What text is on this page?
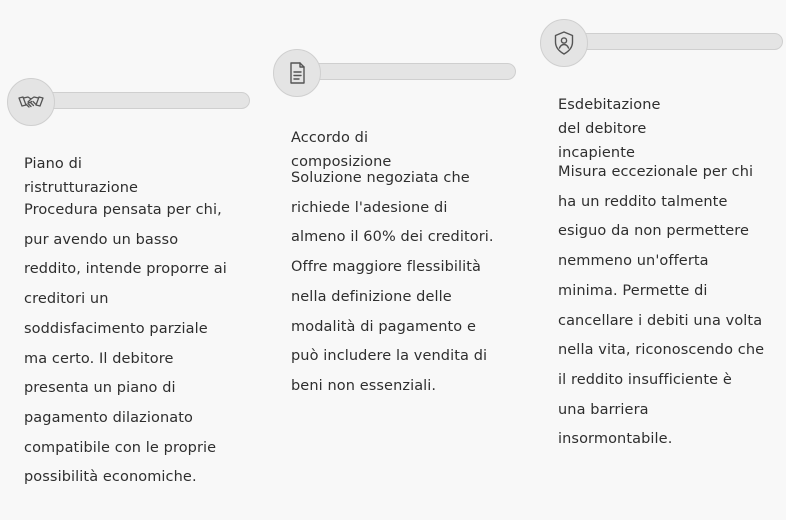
Piano di ristrutturazione

Procedura pensata per chi,
pur avendo un basso
reddito, intende proporre ai
creditori un
soddisfacimento parziale
ma certo. Il debitore
presenta un piano di
pagamento dilazionato
compatibile con le proprie
possibilità economiche.

Accordo di composizione

Soluzione negoziata che
richiede l'adesione di
almeno il 60% dei creditori.
Offre maggiore flessibilità
nella definizione delle
modalità di pagamento e
può includere la vendita di
beni non essenziali.

Esdebitazione del debitore
incapiente

Misura eccezionale per chi
ha un reddito talmente
esiguo da non permettere
nemmeno un'offerta
minima. Permette di
cancellare i debiti una volta
nella vita, riconoscendo che
il reddito insufficiente è
una barriera
insormontabile.
